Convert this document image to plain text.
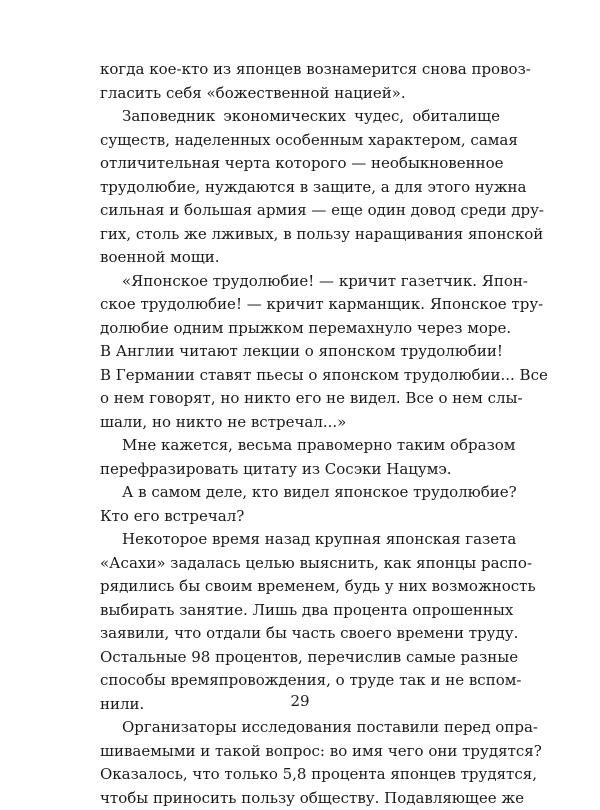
когда кое-кто из японцев вознамерится снова провоз-
гласить себя «божественной нацией».
Заповедник экономических чудес, обиталище
существ, наделенных особенным характером, самая
отличительная черта которого — необыкновенное
трудолюбие, нуждаются в защите, а для этого нужна
сильная и большая армия — еще один довод среди дру-
гих, столь же лживых, в пользу наращивания японской
военной мощи.
«Японское трудолюбие! — кричит газетчик. Япон-
ское трудолюбие! — кричит карманщик. Японское тру-
долюбие одним прыжком перемахнуло через море.
В Англии читают лекции о японском трудолюбии!
В Германии ставят пьесы о японском трудолюбии... Все
о нем говорят, но никто его не видел. Все о нем слы-
шали, но никто не встречал...»
Мне кажется, весьма правомерно таким образом
перефразировать цитату из Сосэки Нацумэ.
А в самом деле, кто видел японское трудолюбие?
Кто его встречал?
Некоторое время назад крупная японская газета
«Асахи» задалась целью выяснить, как японцы распо-
рядились бы своим временем, будь у них возможность
выбирать занятие. Лишь два процента опрошенных
заявили, что отдали бы часть своего времени труду.
Остальные 98 процентов, перечислив самые разные
способы времяпровождения, о труде так и не вспом-
нили.
Организаторы исследования поставили перед опра-
шиваемыми и такой вопрос: во имя чего они трудятся?
Оказалось, что только 5,8 процента японцев трудятся,
чтобы приносить пользу обществу. Подавляющее же
29
